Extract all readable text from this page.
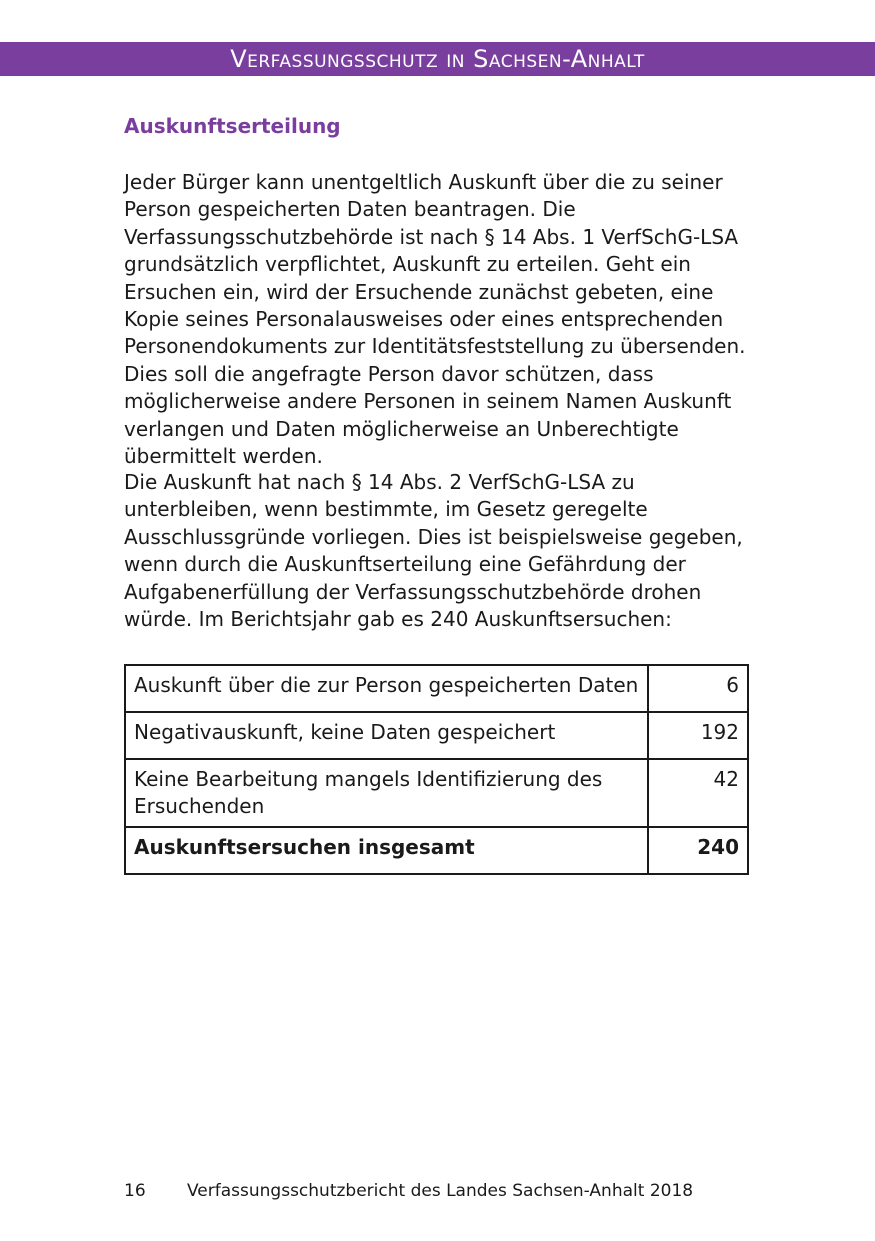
Verfassungsschutz in Sachsen-Anhalt
Auskunftserteilung

Jeder Bürger kann unentgeltlich Auskunft über die zu seiner Person gespeicherten Daten beantragen. Die Verfassungsschutzbehörde ist nach § 14 Abs. 1 VerfSchG-LSA grundsätzlich verpflichtet, Auskunft zu erteilen. Geht ein Ersuchen ein, wird der Ersuchende zunächst gebeten, eine Kopie seines Personalausweises oder eines entsprechenden Personendokuments zur Identitätsfeststellung zu übersenden. Dies soll die angefragte Person davor schützen, dass möglicherweise andere Personen in seinem Namen Auskunft verlangen und Daten möglicherweise an Unberechtigte übermittelt werden.

Die Auskunft hat nach § 14 Abs. 2 VerfSchG-LSA zu unterbleiben, wenn bestimmte, im Gesetz geregelte Ausschlussgründe vorliegen. Dies ist beispielsweise gegeben, wenn durch die Auskunftserteilung eine Gefährdung der Aufgabenerfüllung der Verfassungsschutzbehörde drohen würde. Im Berichtsjahr gab es 240 Auskunftsersuchen:

Auskunft über die zur Person gespeicherten Daten	6
Negativauskunft, keine Daten gespeichert	192
Keine Bearbeitung mangels Identifizierung des Ersuchenden	42
Auskunftsersuchen insgesamt	240
16 Verfassungsschutzbericht des Landes Sachsen-Anhalt 2018
